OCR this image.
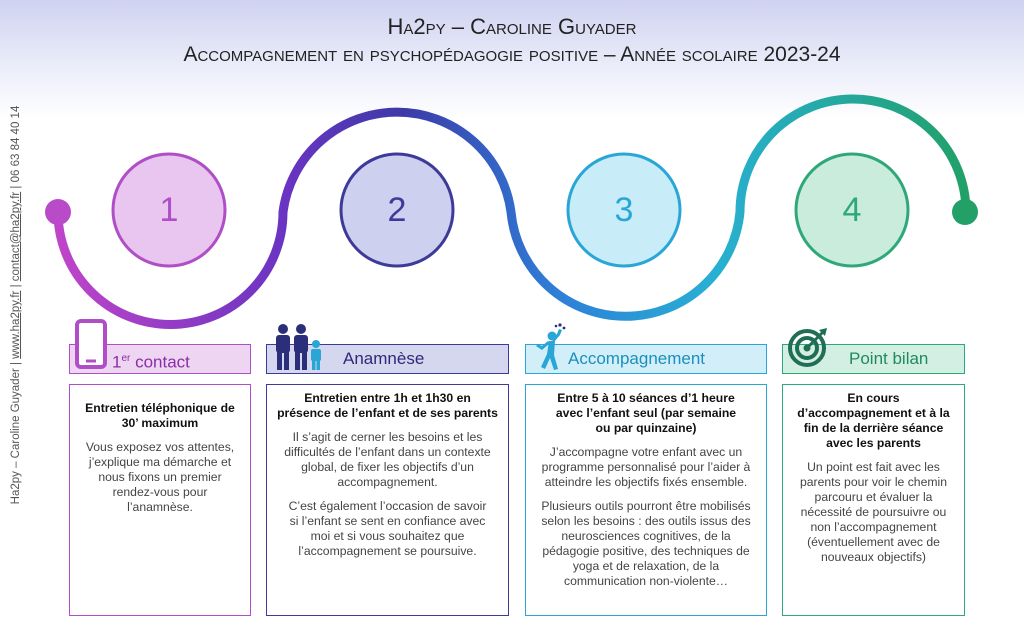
Ha2py – Caroline Guyader
Accompagnement en psychopédagogie positive – Année scolaire 2023-24
Ha2py – Caroline Guyader | www.ha2py.fr | contact@ha2py.fr | 06 63 84 40 14
1	2	3	4
1er contact	Anamnèse	Accompagnement	Point bilan
Entretien téléphonique de 30’ maximum

Vous exposez vos attentes, j’explique ma démarche et nous fixons un premier rendez-vous pour l’anamnèse.

Entretien entre 1h et 1h30 en présence de l’enfant et de ses parents

Il s’agit de cerner les besoins et les difficultés de l’enfant dans un contexte global, de fixer les objectifs d’un accompagnement.

C’est également l’occasion de savoir si l’enfant se sent en confiance avec moi et si vous souhaitez que l’accompagnement se poursuive.

Entre 5 à 10 séances d’1 heure avec l’enfant seul (par semaine ou par quinzaine)

J’accompagne votre enfant avec un programme personnalisé pour l’aider à atteindre les objectifs fixés ensemble.

Plusieurs outils pourront être mobilisés selon les besoins : des outils issus des neurosciences cognitives, de la pédagogie positive, des techniques de yoga et de relaxation, de la communication non-violente…

En cours d’accompagnement et à la fin de la derrière séance avec les parents

Un point est fait avec les parents pour voir le chemin parcouru et évaluer la nécessité de poursuivre ou non l’accompagnement (éventuellement avec de nouveaux objectifs)
